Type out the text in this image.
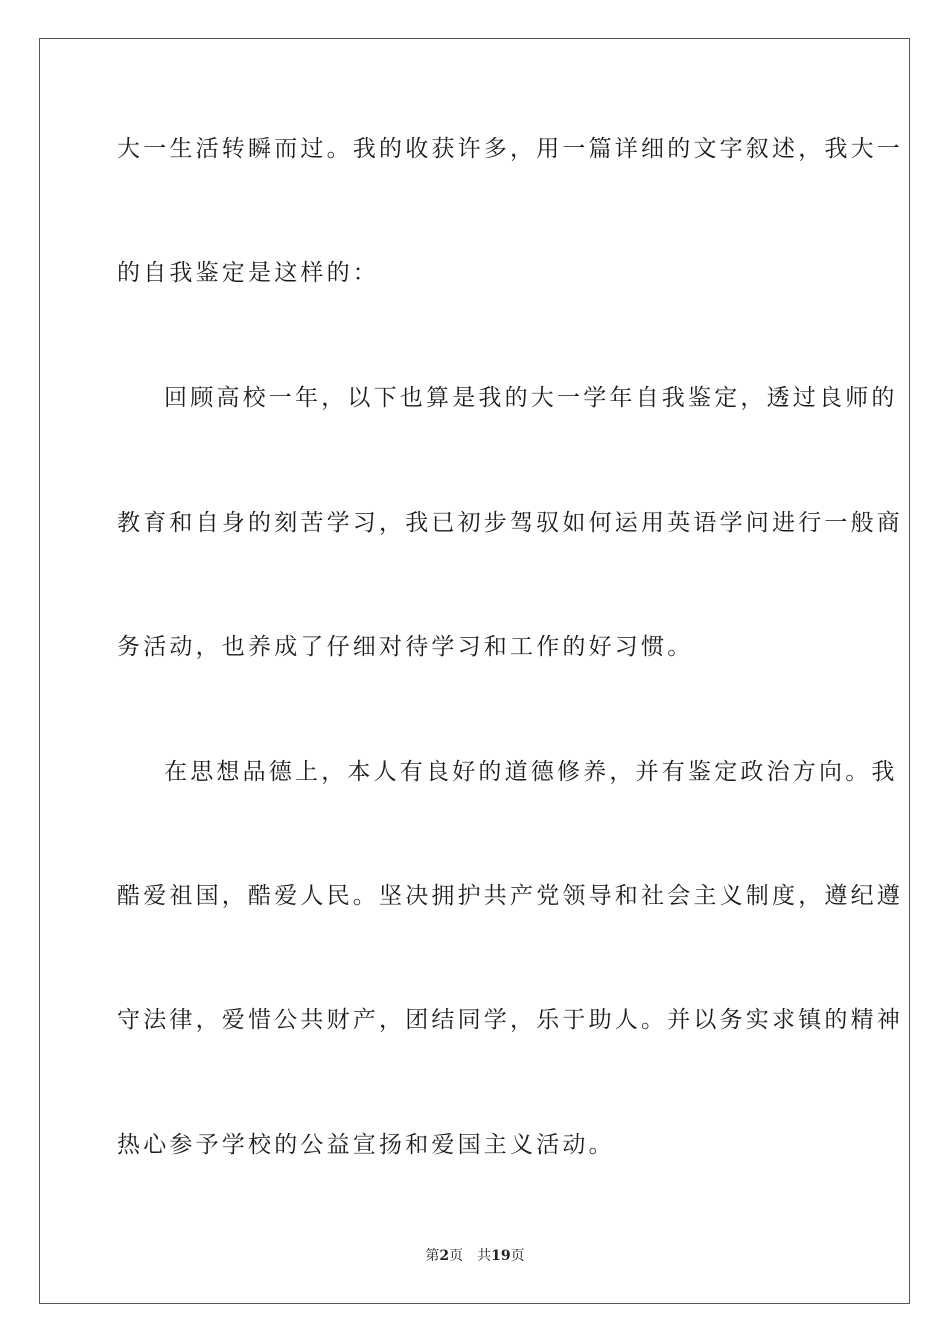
大一生活转瞬而过。我的收获许多，用一篇详细的文字叙述，我大一
的自我鉴定是这样的：
回顾高校一年，以下也算是我的大一学年自我鉴定，透过良师的
教育和自身的刻苦学习，我已初步驾驭如何运用英语学问进行一般商
务活动，也养成了仔细对待学习和工作的好习惯。
在思想品德上，本人有良好的道德修养，并有鉴定政治方向。我
酷爱祖国，酷爱人民。坚决拥护共产党领导和社会主义制度，遵纪遵
守法律，爱惜公共财产，团结同学，乐于助人。并以务实求镇的精神
热心参予学校的公益宣扬和爱国主义活动。
第2页 共19页
